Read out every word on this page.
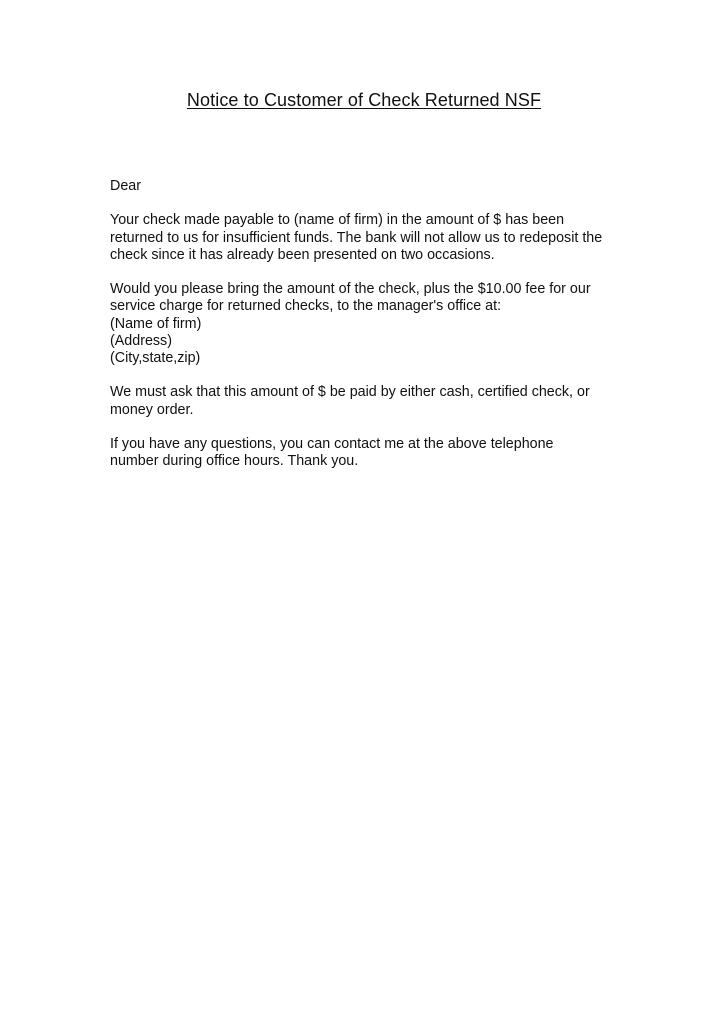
Notice to Customer of Check Returned NSF

Dear

Your check made payable to (name of firm) in the amount of $ has been
returned to us for insufficient funds. The bank will not allow us to redeposit the
check since it has already been presented on two occasions.

Would you please bring the amount of the check, plus the $10.00 fee for our
service charge for returned checks, to the manager's office at:
(Name of firm)
(Address)
(City,state,zip)

We must ask that this amount of $ be paid by either cash, certified check, or
money order.

If you have any questions, you can contact me at the above telephone
number during office hours. Thank you.
